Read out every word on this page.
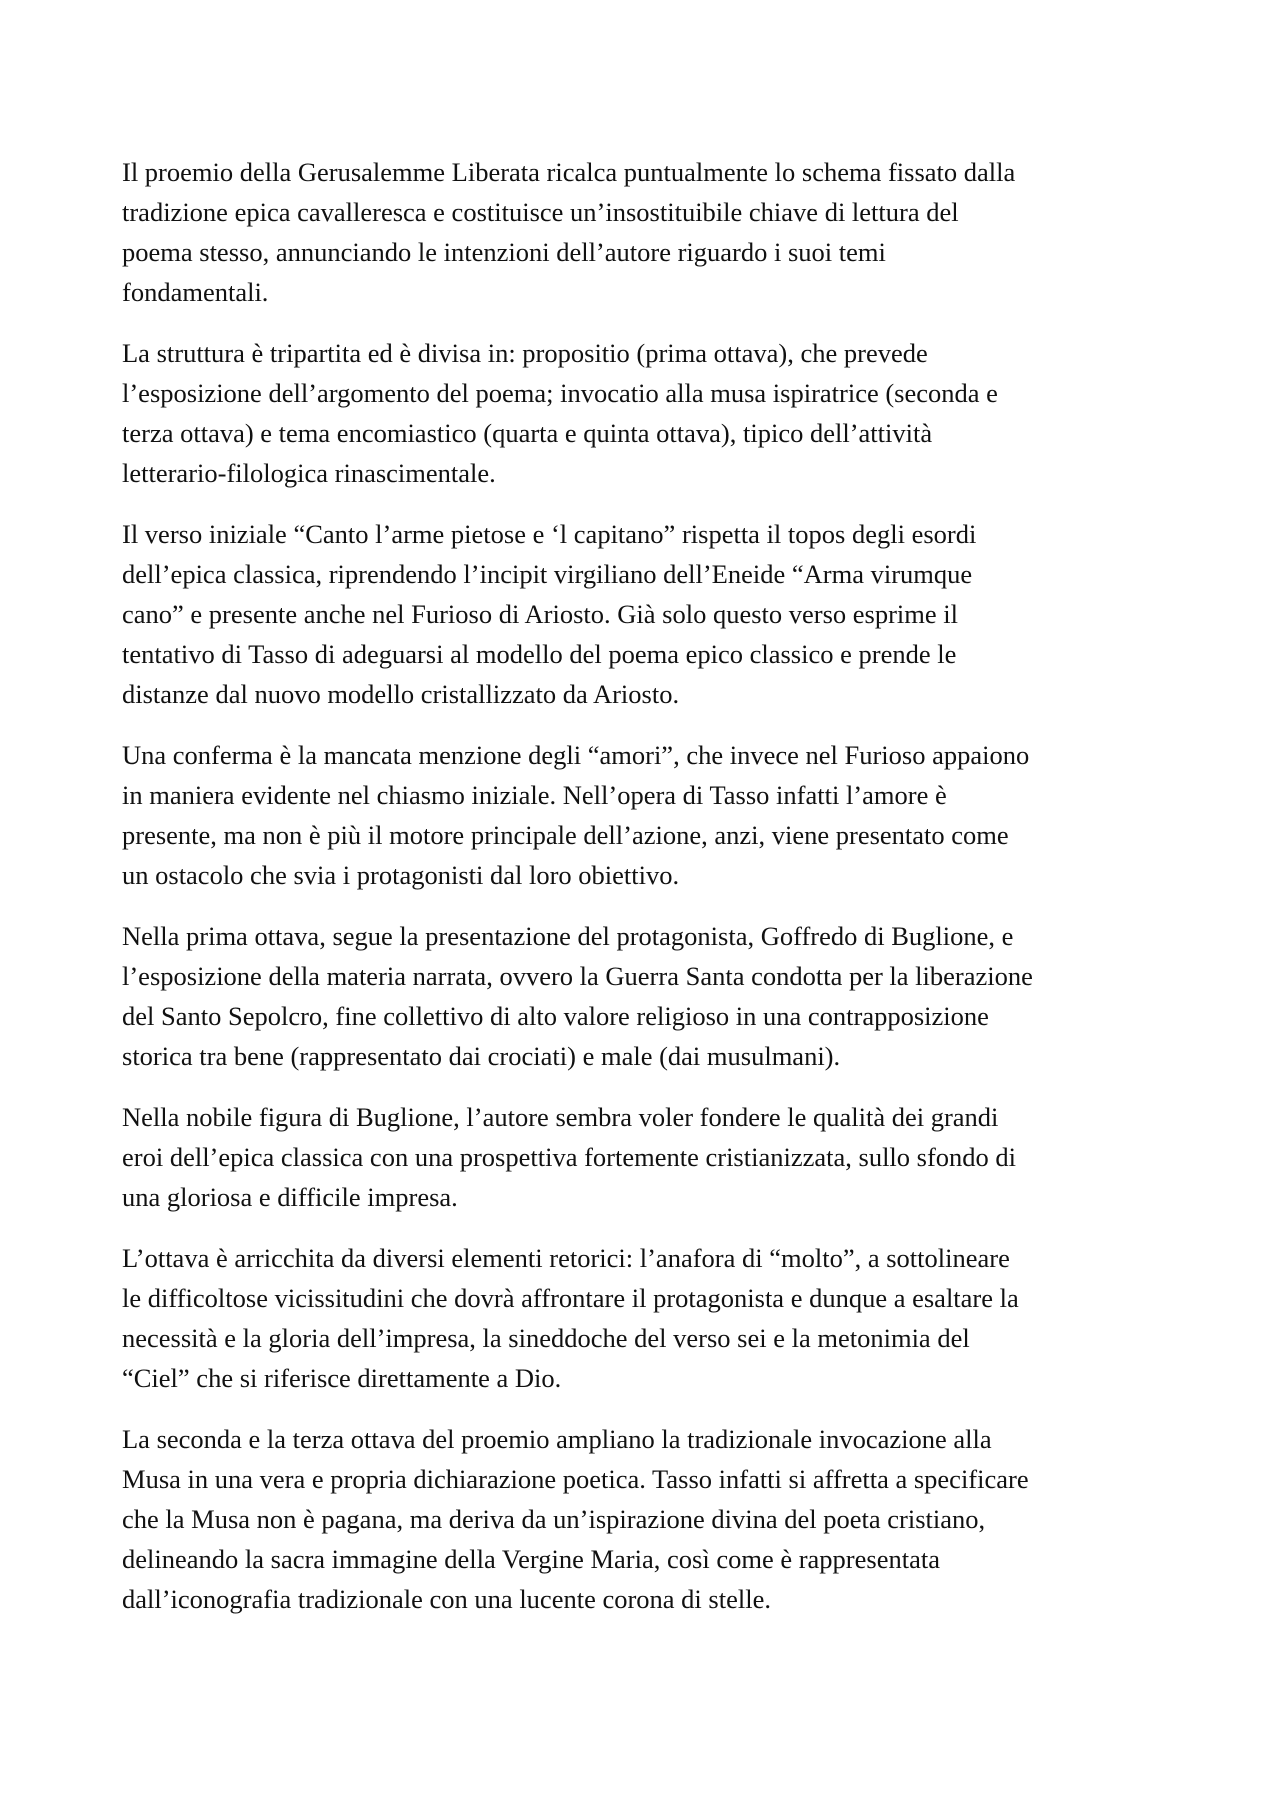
Il proemio della Gerusalemme Liberata ricalca puntualmente lo schema fissato dalla
tradizione epica cavalleresca e costituisce un’insostituibile chiave di lettura del
poema stesso, annunciando le intenzioni dell’autore riguardo i suoi temi
fondamentali.

La struttura è tripartita ed è divisa in: propositio (prima ottava), che prevede
l’esposizione dell’argomento del poema; invocatio alla musa ispiratrice (seconda e
terza ottava) e tema encomiastico (quarta e quinta ottava), tipico dell’attività
letterario-filologica rinascimentale.

Il verso iniziale “Canto l’arme pietose e ‘l capitano” rispetta il topos degli esordi
dell’epica classica, riprendendo l’incipit virgiliano dell’Eneide “Arma virumque
cano” e presente anche nel Furioso di Ariosto. Già solo questo verso esprime il
tentativo di Tasso di adeguarsi al modello del poema epico classico e prende le
distanze dal nuovo modello cristallizzato da Ariosto.

Una conferma è la mancata menzione degli “amori”, che invece nel Furioso appaiono
in maniera evidente nel chiasmo iniziale. Nell’opera di Tasso infatti l’amore è
presente, ma non è più il motore principale dell’azione, anzi, viene presentato come
un ostacolo che svia i protagonisti dal loro obiettivo.

Nella prima ottava, segue la presentazione del protagonista, Goffredo di Buglione, e
l’esposizione della materia narrata, ovvero la Guerra Santa condotta per la liberazione
del Santo Sepolcro, fine collettivo di alto valore religioso in una contrapposizione
storica tra bene (rappresentato dai crociati) e male (dai musulmani).

Nella nobile figura di Buglione, l’autore sembra voler fondere le qualità dei grandi
eroi dell’epica classica con una prospettiva fortemente cristianizzata, sullo sfondo di
una gloriosa e difficile impresa.

L’ottava è arricchita da diversi elementi retorici: l’anafora di “molto”, a sottolineare
le difficoltose vicissitudini che dovrà affrontare il protagonista e dunque a esaltare la
necessità e la gloria dell’impresa, la sineddoche del verso sei e la metonimia del
“Ciel” che si riferisce direttamente a Dio.

La seconda e la terza ottava del proemio ampliano la tradizionale invocazione alla
Musa in una vera e propria dichiarazione poetica. Tasso infatti si affretta a specificare
che la Musa non è pagana, ma deriva da un’ispirazione divina del poeta cristiano,
delineando la sacra immagine della Vergine Maria, così come è rappresentata
dall’iconografia tradizionale con una lucente corona di stelle.
